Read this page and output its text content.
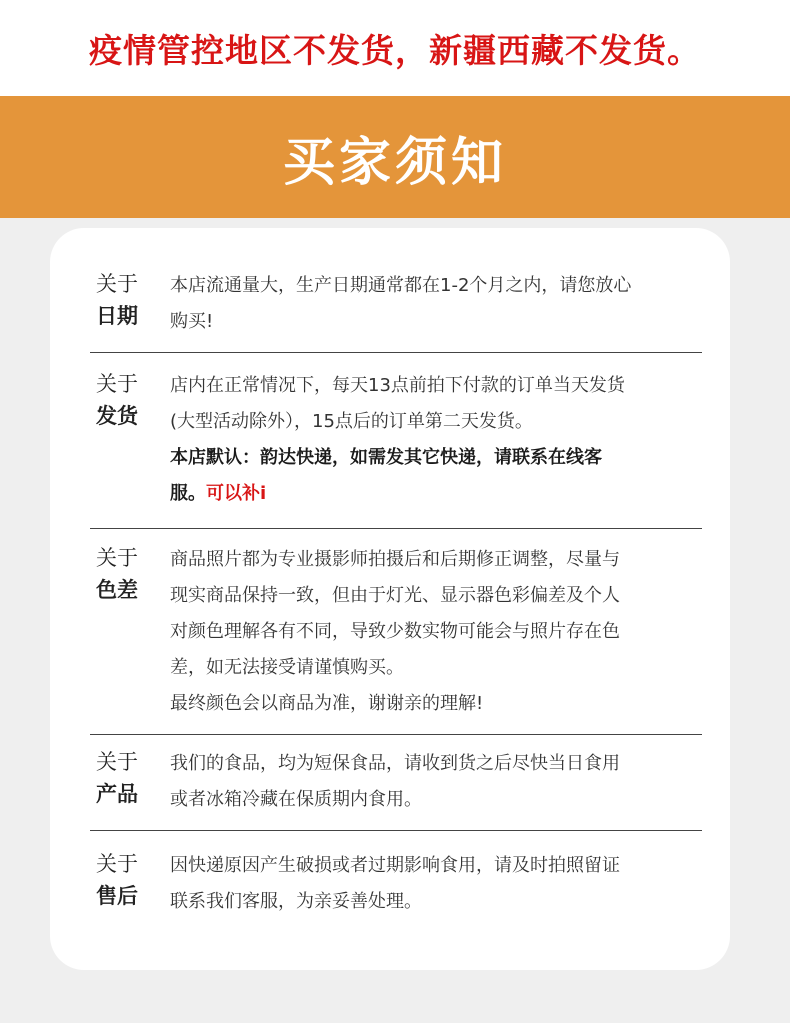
疫情管控地区不发货，新疆西藏不发货。
买家须知
关于
日期

本店流通量大，生产日期通常都在1-2个月之内，请您放心

购买!

关于
发货

店内在正常情况下，每天13点前拍下付款的订单当天发货

(大型活动除外），15点后的订单第二天发货。

本店默认：韵达快递，如需发其它快递，请联系在线客

服。可以补i

关于
色差

商品照片都为专业摄影师拍摄后和后期修正调整，尽量与

现实商品保持一致，但由于灯光、显示器色彩偏差及个人

对颜色理解各有不同，导致少数实物可能会与照片存在色

差，如无法接受请谨慎购买。

最终颜色会以商品为准，谢谢亲的理解!

关于
产品

我们的食品，均为短保食品，请收到货之后尽快当日食用

或者冰箱冷藏在保质期内食用。

关于
售后

因快递原因产生破损或者过期影响食用，请及时拍照留证

联系我们客服，为亲妥善处理。
